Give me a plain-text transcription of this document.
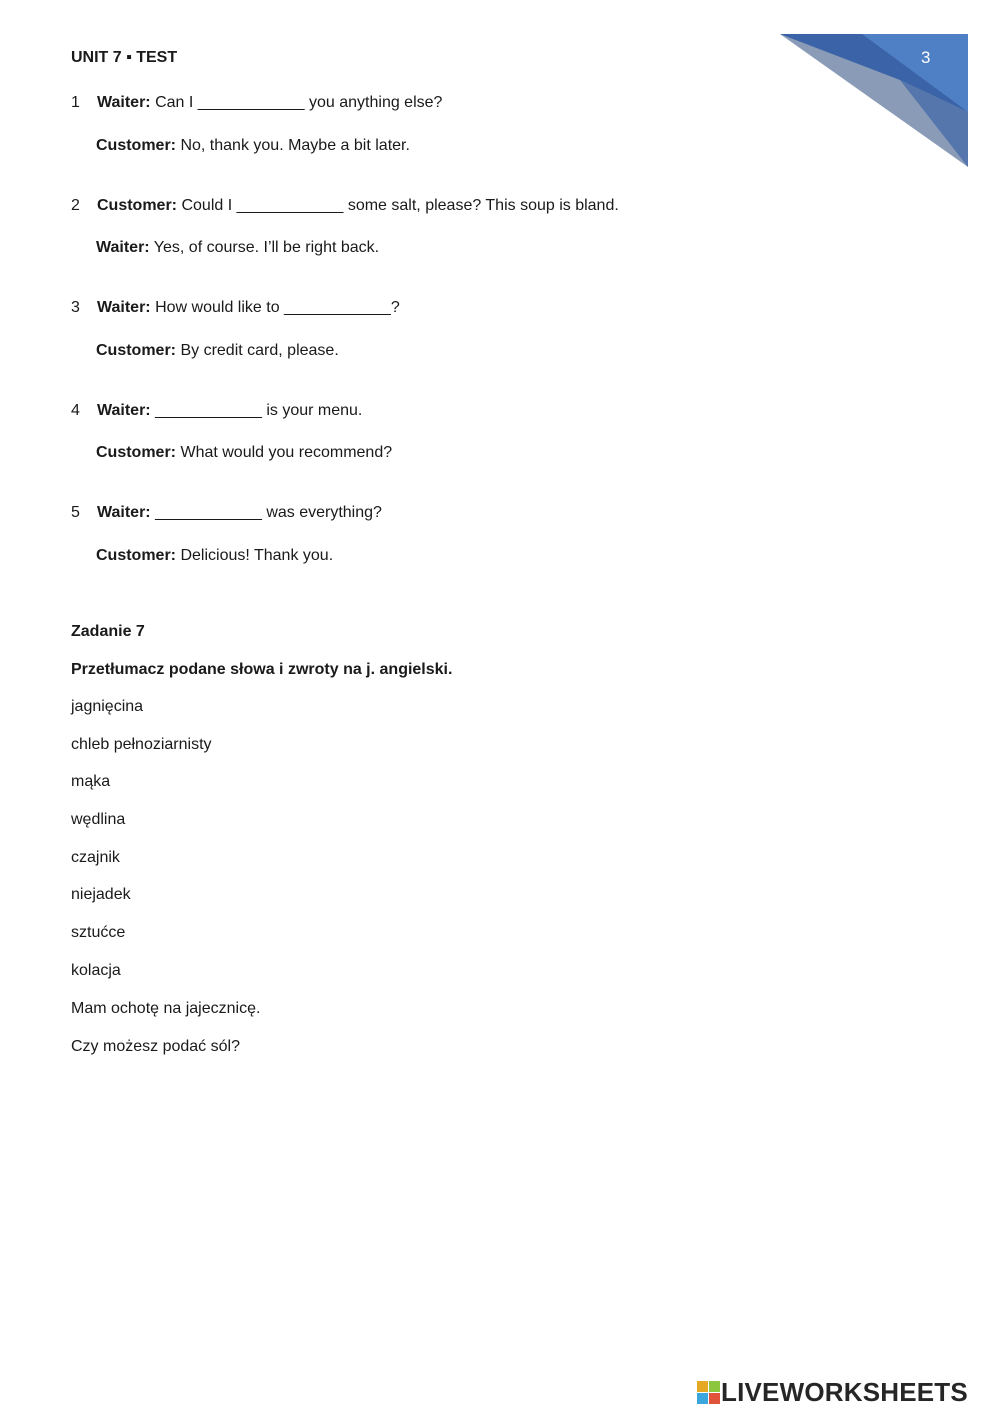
3
UNIT 7 ▪ TEST
1 Waiter: Can I ____________ you anything else?
Customer: No, thank you. Maybe a bit later.
2 Customer: Could I ____________ some salt, please? This soup is bland.
Waiter: Yes, of course. I’ll be right back.
3 Waiter: How would like to ____________?
Customer: By credit card, please.
4 Waiter: ____________ is your menu.
Customer: What would you recommend?
5 Waiter: ____________ was everything?
Customer: Delicious! Thank you.
Zadanie 7
Przetłumacz podane słowa i zwroty na j. angielski.
jagnięcina
chleb pełnoziarnisty
mąka
wędlina
czajnik
niejadek
sztućce
kolacja
Mam ochotę na jajecznicę.
Czy możesz podać sól?
LIVEWORKSHEETS
